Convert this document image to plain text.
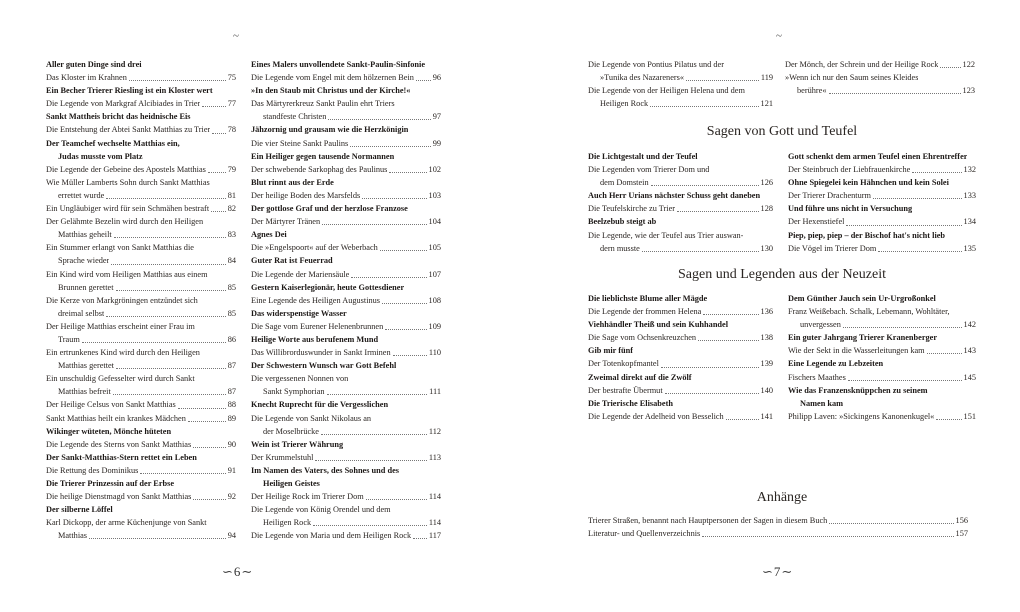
~
Aller guten Dinge sind drei
Das Kloster im Krahnen	75
Ein Becher Trierer Riesling ist ein Kloster wert
Die Legende von Markgraf Alcibiades in Trier	77
Sankt Mattheis bricht das heidnische Eis
Die Entstehung der Abtei Sankt Matthias zu Trier 78
Der Teamchef wechselte Matthias ein,
Judas musste vom Platz
Die Legende der Gebeine des Apostels Matthias	79
Wie Müller Lamberts Sohn durch Sankt Matthias
errettet wurde	81
Ein Ungläubiger wird für sein Schmähen bestraft 82
Der Gelähmte Bezelin wird durch den Heiligen
Matthias geheilt	83
Ein Stummer erlangt von Sankt Matthias die
Sprache wieder	84
Ein Kind wird vom Heiligen Matthias aus einem
Brunnen gerettet	85
Die Kerze von Markgröningen entzündet sich
dreimal selbst	85
Der Heilige Matthias erscheint einer Frau im
Traum	86
Ein ertrunkenes Kind wird durch den Heiligen
Matthias gerettet	87
Ein unschuldig Gefesselter wird durch Sankt
Matthias befreit	87
Der Heilige Celsus von Sankt Matthias	88
Sankt Matthias heilt ein krankes Mädchen	89
Wikinger wüteten, Mönche hüteten
Die Legende des Sterns von Sankt Matthias	90
Der Sankt-Matthias-Stern rettet ein Leben
Die Rettung des Dominikus	91
Die Trierer Prinzessin auf der Erbse
Die heilige Dienstmagd von Sankt Matthias	92
Der silberne Löffel
Karl Dickopp, der arme Küchenjunge von Sankt
Matthias	94
Eines Malers unvollendete Sankt-Paulin-Sinfonie
Die Legende vom Engel mit dem hölzernen Bein 96
»In den Staub mit Christus und der Kirche!«
Das Märtyrerkreuz Sankt Paulin ehrt Triers
standfeste Christen	97
Jähzornig und grausam wie die Herzkönigin
Die vier Steine Sankt Paulins	99
Ein Heiliger gegen tausende Normannen
Der schwebende Sarkophag des Paulinus	102
Blut rinnt aus der Erde
Der heilige Boden des Marsfelds	103
Der gottlose Graf und der herzlose Franzose
Der Märtyrer Tränen	104
Agnes Dei
Die »Engelspoort« auf der Weberbach	105
Guter Rat ist Feuerrad
Die Legende der Mariensäule	107
Gestern Kaiserlegionär, heute Gottesdiener
Eine Legende des Heiligen Augustinus	108
Das widerspenstige Wasser
Die Sage vom Eurener Helenenbrunnen	109
Heilige Worte aus berufenem Mund
Das Willibrorduswunder in Sankt Irminen	110
Der Schwestern Wunsch war Gott Befehl
Die vergessenen Nonnen von
Sankt Symphorian	111
Knecht Ruprecht für die Vergesslichen
Die Legende von Sankt Nikolaus an
der Moselbrücke	112
Wein ist Trierer Währung
Der Krummelstuhl	113
Im Namen des Vaters, des Sohnes und des
Heiligen Geistes
Der Heilige Rock im Trierer Dom	114
Die Legende von König Orendel und dem
Heiligen Rock	114
Die Legende von Maria und dem Heiligen Rock 117
∽6∼
~
Die Legende von Pontius Pilatus und der
»Tunika des Nazareners«	119
Die Legende von der Heiligen Helena und dem
Heiligen Rock	121
Der Mönch, der Schrein und der Heilige Rock	122
»Wenn ich nur den Saum seines Kleides
berühre«	123
Sagen von Gott und Teufel
Die Lichtgestalt und der Teufel
Die Legenden vom Trierer Dom und
dem Domstein	126
Auch Herr Urians nächster Schuss geht daneben
Die Teufelskirche zu Trier	128
Beelzebub steigt ab
Die Legende, wie der Teufel aus Trier auswan-
dern musste	130
Gott schenkt dem armen Teufel einen Ehrentreffer
Der Steinbruch der Liebfrauenkirche	132
Ohne Spiegelei kein Hähnchen und kein Solei
Der Trierer Drachenturm	133
Und führe uns nicht in Versuchung
Der Hexenstiefel	134
Piep, piep, piep – der Bischof hat's nicht lieb
Die Vögel im Trierer Dom	135
Sagen und Legenden aus der Neuzeit
Die lieblichste Blume aller Mägde
Die Legende der frommen Helena	136
Viehhändler Theiß und sein Kuhhandel
Die Sage vom Ochsenkreuzchen	138
Gib mir fünf
Der Totenkopfmantel	139
Zweimal direkt auf die Zwölf
Der bestrafte Übermut	140
Die Trierische Elisabeth
Die Legende der Adelheid von Besselich	141
Dem Günther Jauch sein Ur-Urgroßonkel
Franz Weißebach. Schalk, Lebemann, Wohltäter,
unvergessen	142
Ein guter Jahrgang Trierer Kranenberger
Wie der Sekt in die Wasserleitungen kam	143
Eine Legende zu Lebzeiten
Fischers Maathes	145
Wie das Franzensknüppchen zu seinem
Namen kam
Philipp Laven: »Sickingens Kanonenkugel«	151
Anhänge
Trierer Straßen, benannt nach Hauptpersonen der Sagen in diesem Buch	156
Literatur- und Quellenverzeichnis	157
∽7∼
